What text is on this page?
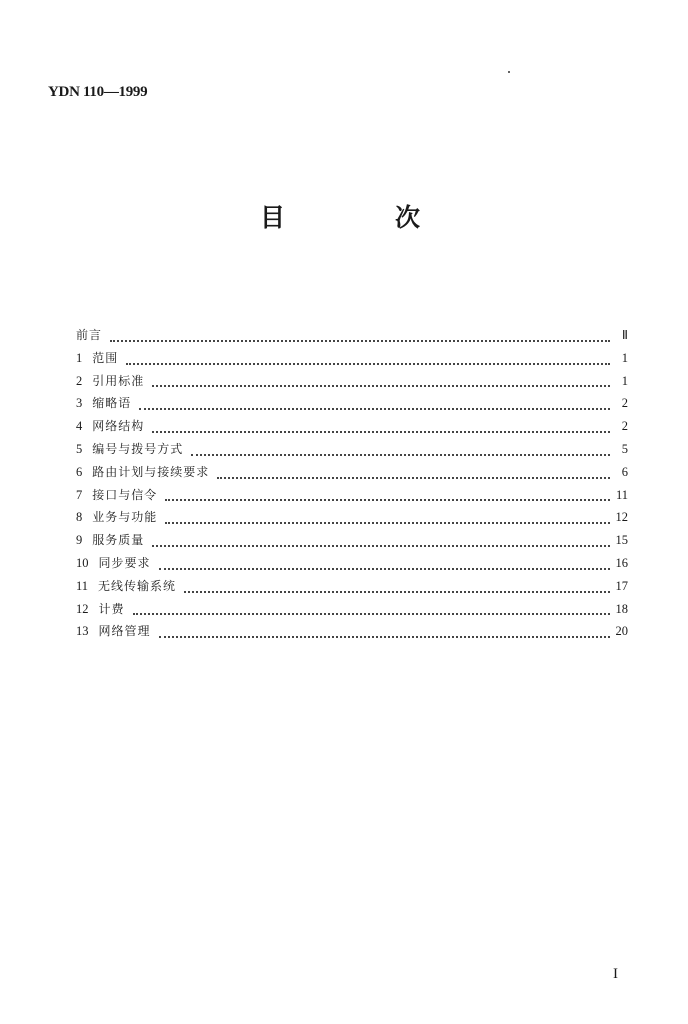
YDN 110—1999
目	次
前言	Ⅱ
1 范围	1
2 引用标准	1
3 缩略语	2
4 网络结构	2
5 编号与拨号方式	5
6 路由计划与接续要求	6
7 接口与信令	11
8 业务与功能	12
9 服务质量	15
10 同步要求	16
11 无线传输系统	17
12 计费	18
13 网络管理	20
I
